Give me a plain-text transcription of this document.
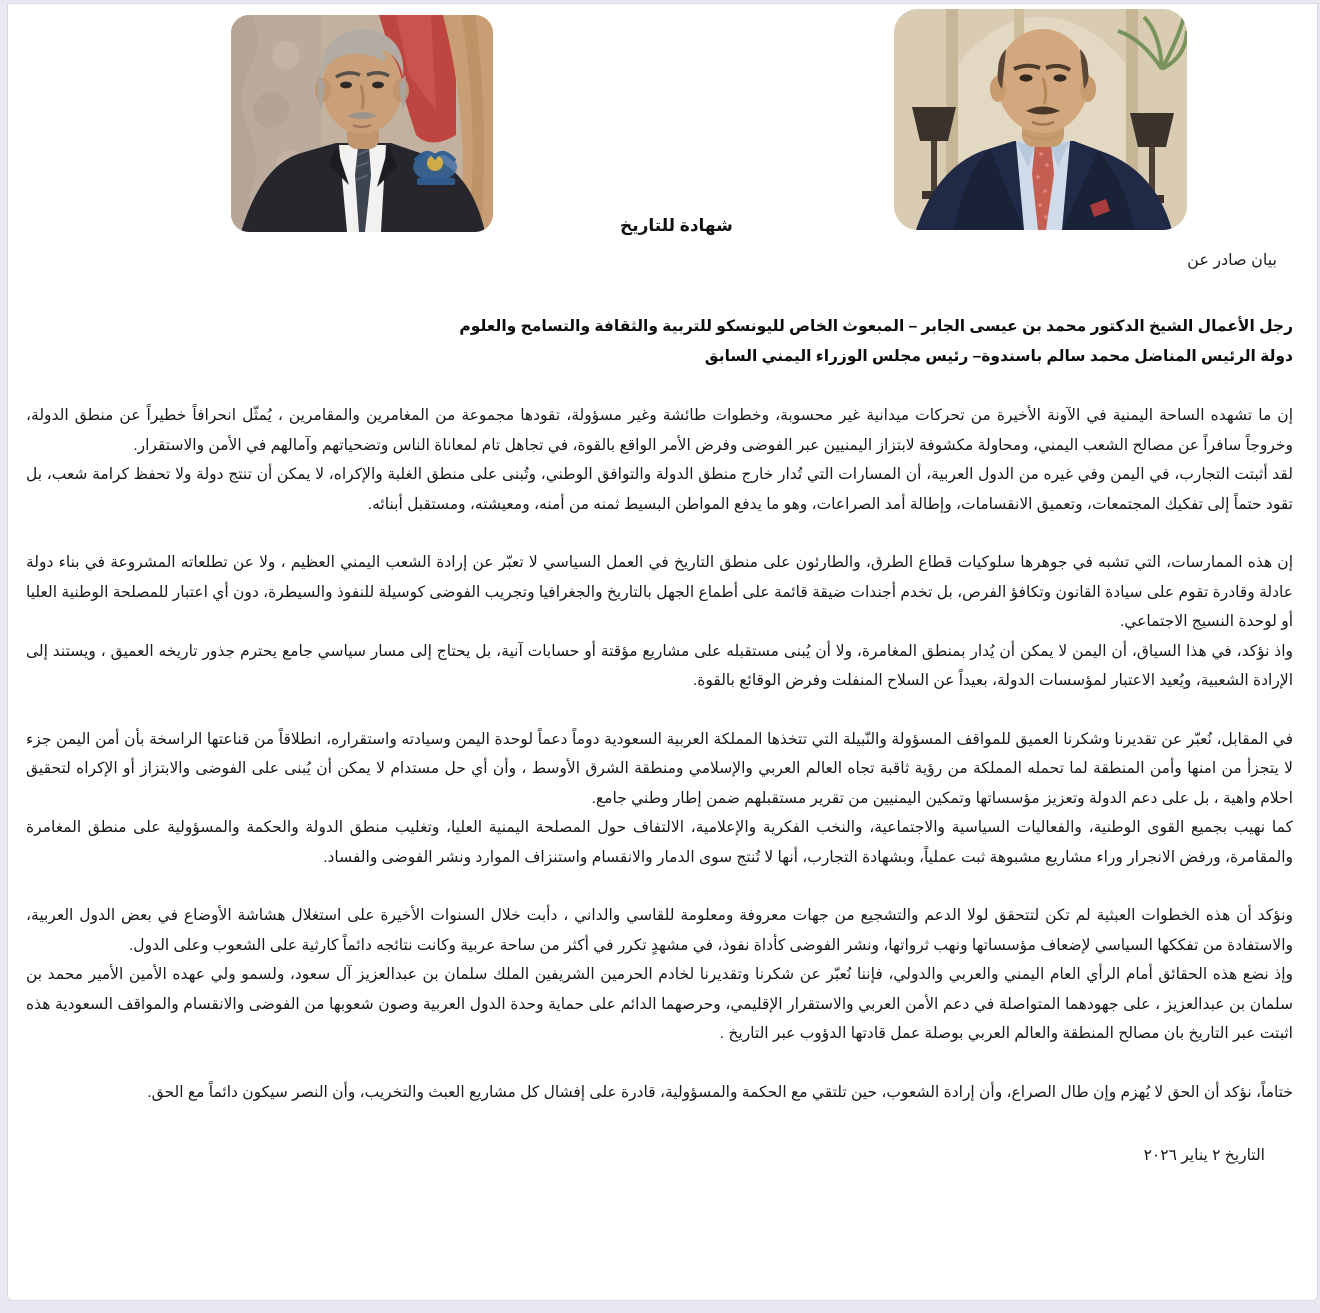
شهادة للتاريخ
بيان صادر عن
رجل الأعمال الشيخ الدكتور محمد بن عيسى الجابر – المبعوث الخاص لليونسكو للتربية والثقافة والتسامح والعلوم
دولة الرئيس المناضل محمد سالم باسندوة– رئيس مجلس الوزراء اليمني السابق

إن ما تشهده الساحة اليمنية في الآونة الأخيرة من تحركات ميدانية غير محسوبة، وخطوات طائشة وغير مسؤولة، تقودها مجموعة من المغامرين والمقامرين ، يُمثّل انحرافاً خطيراً عن منطق الدولة، وخروجاً سافراً عن مصالح الشعب اليمني، ومحاولة مكشوفة لابتزاز اليمنيين عبر الفوضى وفرض الأمر الواقع بالقوة، في تجاهل تام لمعاناة الناس وتضحياتهم وآمالهم في الأمن والاستقرار.

لقد أثبتت التجارب، في اليمن وفي غيره من الدول العربية، أن المسارات التي تُدار خارج منطق الدولة والتوافق الوطني، وتُبنى على منطق الغلبة والإكراه، لا يمكن أن تنتج دولة ولا تحفظ كرامة شعب، بل تقود حتماً إلى تفكيك المجتمعات، وتعميق الانقسامات، وإطالة أمد الصراعات، وهو ما يدفع المواطن البسيط ثمنه من أمنه، ومعيشته، ومستقبل أبنائه.

إن هذه الممارسات، التي تشبه في جوهرها سلوكيات قطاع الطرق، والطارئون على منطق التاريخ في العمل السياسي لا تعبّر عن إرادة الشعب اليمني العظيم ، ولا عن تطلعاته المشروعة في بناء دولة عادلة وقادرة تقوم على سيادة القانون وتكافؤ الفرص، بل تخدم أجندات ضيقة قائمة على أطماع الجهل بالتاريخ والجغرافيا وتجريب الفوضى كوسيلة للنفوذ والسيطرة، دون أي اعتبار للمصلحة الوطنية العليا أو لوحدة النسيج الاجتماعي.

واذ نؤكد، في هذا السياق، أن اليمن لا يمكن أن يُدار بمنطق المغامرة، ولا أن يُبنى مستقبله على مشاريع مؤقتة أو حسابات آنية، بل يحتاج إلى مسار سياسي جامع يحترم جذور تاريخه العميق ، ويستند إلى الإرادة الشعبية، ويُعيد الاعتبار لمؤسسات الدولة، بعيداً عن السلاح المنفلت وفرض الوقائع بالقوة.

في المقابل، نُعبّر عن تقديرنا وشكرنا العميق للمواقف المسؤولة والنّبيلة التي تتخذها المملكة العربية السعودية دوماً دعماً لوحدة اليمن وسيادته واستقراره، انطلاقاً من قناعتها الراسخة بأن أمن اليمن جزء لا يتجزأ من امنها وأمن المنطقة لما تحمله المملكة من رؤية ثاقبة تجاه العالم العربي والإسلامي ومنطقة الشرق الأوسط ، وأن أي حل مستدام لا يمكن أن يُبنى على الفوضى والابتزاز أو الإكراه لتحقيق احلام واهية ، بل على دعم الدولة وتعزيز مؤسساتها وتمكين اليمنيين من تقرير مستقبلهم ضمن إطار وطني جامع.

كما نهيب بجميع القوى الوطنية، والفعاليات السياسية والاجتماعية، والنخب الفكرية والإعلامية، الالتفاف حول المصلحة اليمنية العليا، وتغليب منطق الدولة والحكمة والمسؤولية على منطق المغامرة والمقامرة، ورفض الانجرار وراء مشاريع مشبوهة ثبت عملياً، وبشهادة التجارب، أنها لا تُنتج سوى الدمار والانقسام واستنزاف الموارد ونشر الفوضى والفساد.

ونؤكد أن هذه الخطوات العبثية لم تكن لتتحقق لولا الدعم والتشجيع من جهات معروفة ومعلومة للقاسي والداني ، دأبت خلال السنوات الأخيرة على استغلال هشاشة الأوضاع في بعض الدول العربية، والاستفادة من تفككها السياسي لإضعاف مؤسساتها ونهب ثرواتها، ونشر الفوضى كأداة نفوذ، في مشهدٍ تكرر في أكثر من ساحة عربية وكانت نتائجه دائماً كارثية على الشعوب وعلى الدول.

وإذ نضع هذه الحقائق أمام الرأي العام اليمني والعربي والدولي، فإننا نُعبّر عن شكرنا وتقديرنا لخادم الحرمين الشريفين الملك سلمان بن عبدالعزيز آل سعود، ولسمو ولي عهده الأمين الأمير محمد بن سلمان بن عبدالعزيز ، على جهودهما المتواصلة في دعم الأمن العربي والاستقرار الإقليمي، وحرصهما الدائم على حماية وحدة الدول العربية وصون شعوبها من الفوضى والانقسام والمواقف السعودية هذه اثبتت عبر التاريخ بان مصالح المنطقة والعالم العربي بوصلة عمل قادتها الدؤوب عبر التاريخ .

ختاماً، نؤكد أن الحق لا يُهزم وإن طال الصراع، وأن إرادة الشعوب، حين تلتقي مع الحكمة والمسؤولية، قادرة على إفشال كل مشاريع العبث والتخريب، وأن النصر سيكون دائماً مع الحق.

التاريخ ٢ يناير ٢٠٢٦
